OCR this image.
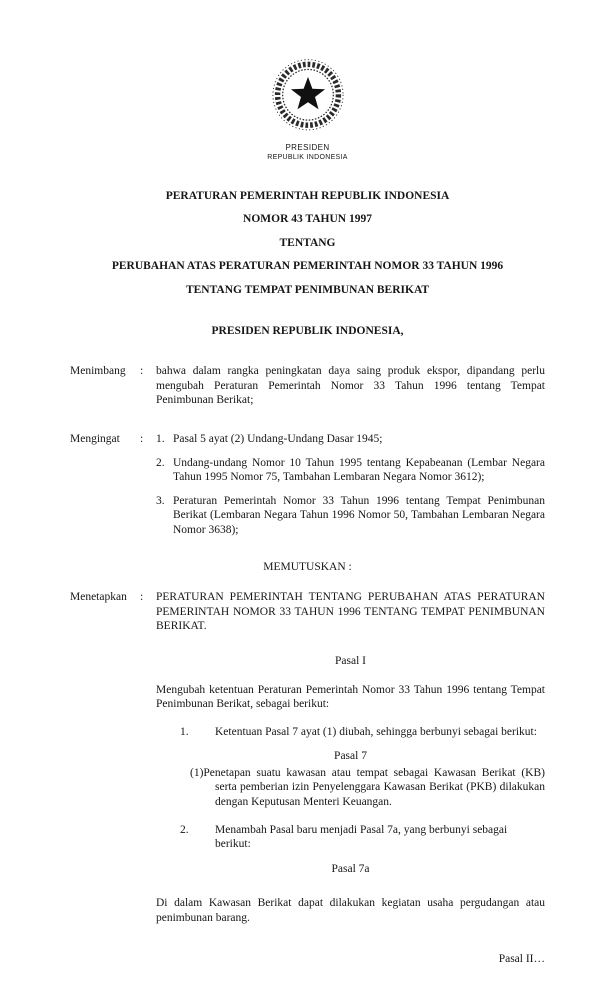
PRESIDEN
REPUBLIK INDONESIA
PERATURAN PEMERINTAH REPUBLIK INDONESIA
NOMOR 43 TAHUN 1997
TENTANG
PERUBAHAN ATAS PERATURAN PEMERINTAH NOMOR 33 TAHUN 1996
TENTANG TEMPAT PENIMBUNAN BERIKAT
PRESIDEN REPUBLIK INDONESIA,
Menimbang	:	bahwa dalam rangka peningkatan daya saing produk ekspor, dipandang perlu mengubah Peraturan Pemerintah Nomor 33 Tahun 1996 tentang Tempat Penimbunan Berikat;
Mengingat	:	1. Pasal 5 ayat (2) Undang-Undang Dasar 1945;
2. Undang-undang Nomor 10 Tahun 1995 tentang Kepabeanan (Lembar Negara Tahun 1995 Nomor 75, Tambahan Lembaran Negara Nomor 3612);
3. Peraturan Pemerintah Nomor 33 Tahun 1996 tentang Tempat Penimbunan Berikat (Lembaran Negara Tahun 1996 Nomor 50, Tambahan Lembaran Negara Nomor 3638);
MEMUTUSKAN :
Menetapkan	:	PERATURAN PEMERINTAH TENTANG PERUBAHAN ATAS PERATURAN PEMERINTAH NOMOR 33 TAHUN 1996 TENTANG TEMPAT PENIMBUNAN BERIKAT.
Pasal I

Mengubah ketentuan Peraturan Pemerintah Nomor 33 Tahun 1996 tentang Tempat Penimbunan Berikat, sebagai berikut:

1.	Ketentuan Pasal 7 ayat (1) diubah, sehingga berbunyi sebagai berikut:
Pasal 7

(1)Penetapan suatu kawasan atau tempat sebagai Kawasan Berikat (KB) serta pemberian izin Penyelenggara Kawasan Berikat (PKB) dilakukan dengan Keputusan Menteri Keuangan.

2.	Menambah Pasal baru menjadi Pasal 7a, yang berbunyi sebagai berikut:
Pasal 7a

Di dalam Kawasan Berikat dapat dilakukan kegiatan usaha pergudangan atau penimbunan barang.

Pasal II…
